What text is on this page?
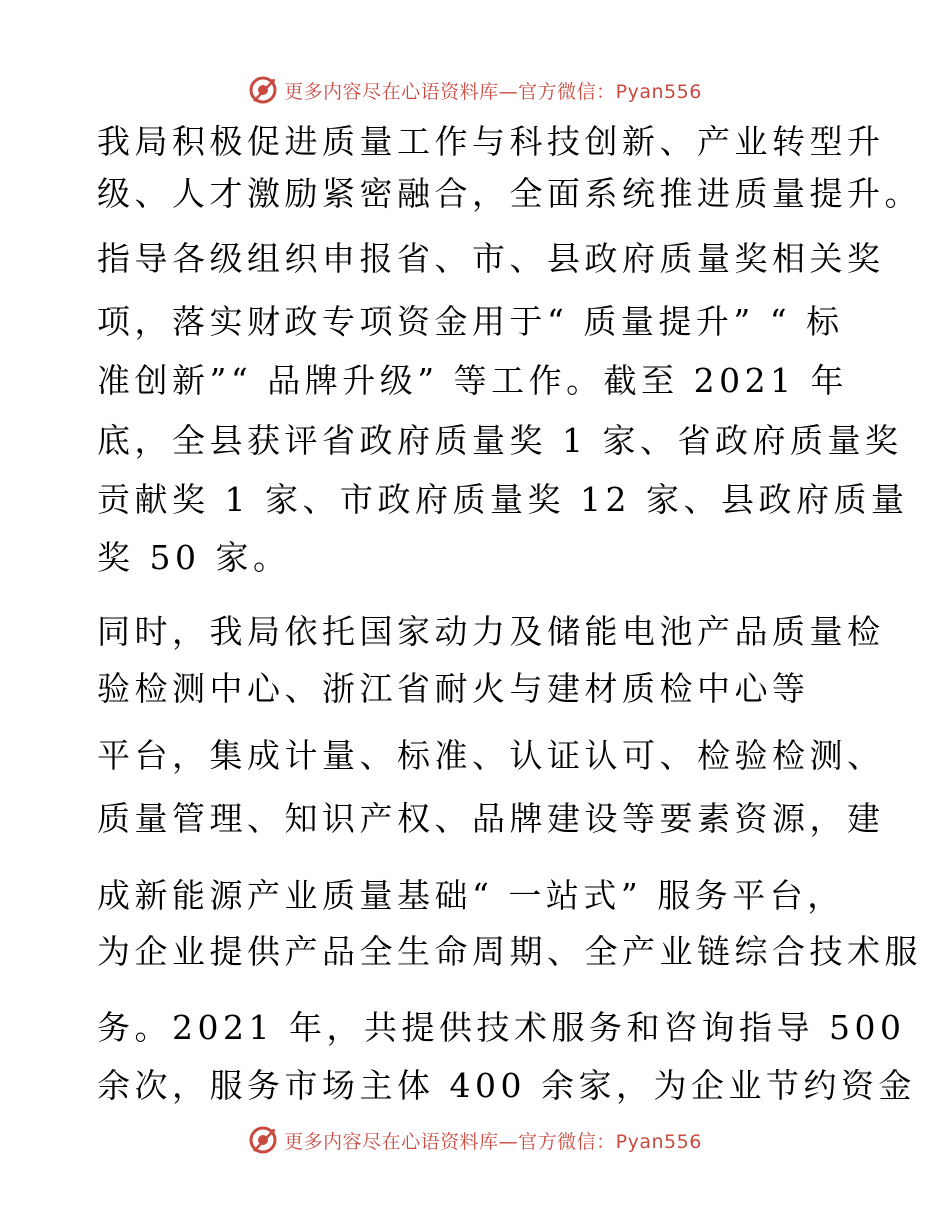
更多内容尽在心语资料库—官方微信：Pyan556
我局积极促进质量工作与科技创新、产业转型升
级、人才激励紧密融合，全面系统推进质量提升。
指导各级组织申报省、市、县政府质量奖相关奖
项，落实财政专项资金用于“ 质量提升” “ 标
准创新”“ 品牌升级” 等工作。截至 2021 年
底，全县获评省政府质量奖 1 家、省政府质量奖
贡献奖 1 家、市政府质量奖 12 家、县政府质量
奖 50 家。
同时，我局依托国家动力及储能电池产品质量检
验检测中心、浙江省耐火与建材质检中心等
平台，集成计量、标准、认证认可、检验检测、
质量管理、知识产权、品牌建设等要素资源，建
成新能源产业质量基础“ 一站式” 服务平台，
为企业提供产品全生命周期、全产业链综合技术服
务。2021 年，共提供技术服务和咨询指导 500
余次，服务市场主体 400 余家，为企业节约资金
更多内容尽在心语资料库—官方微信：Pyan556
